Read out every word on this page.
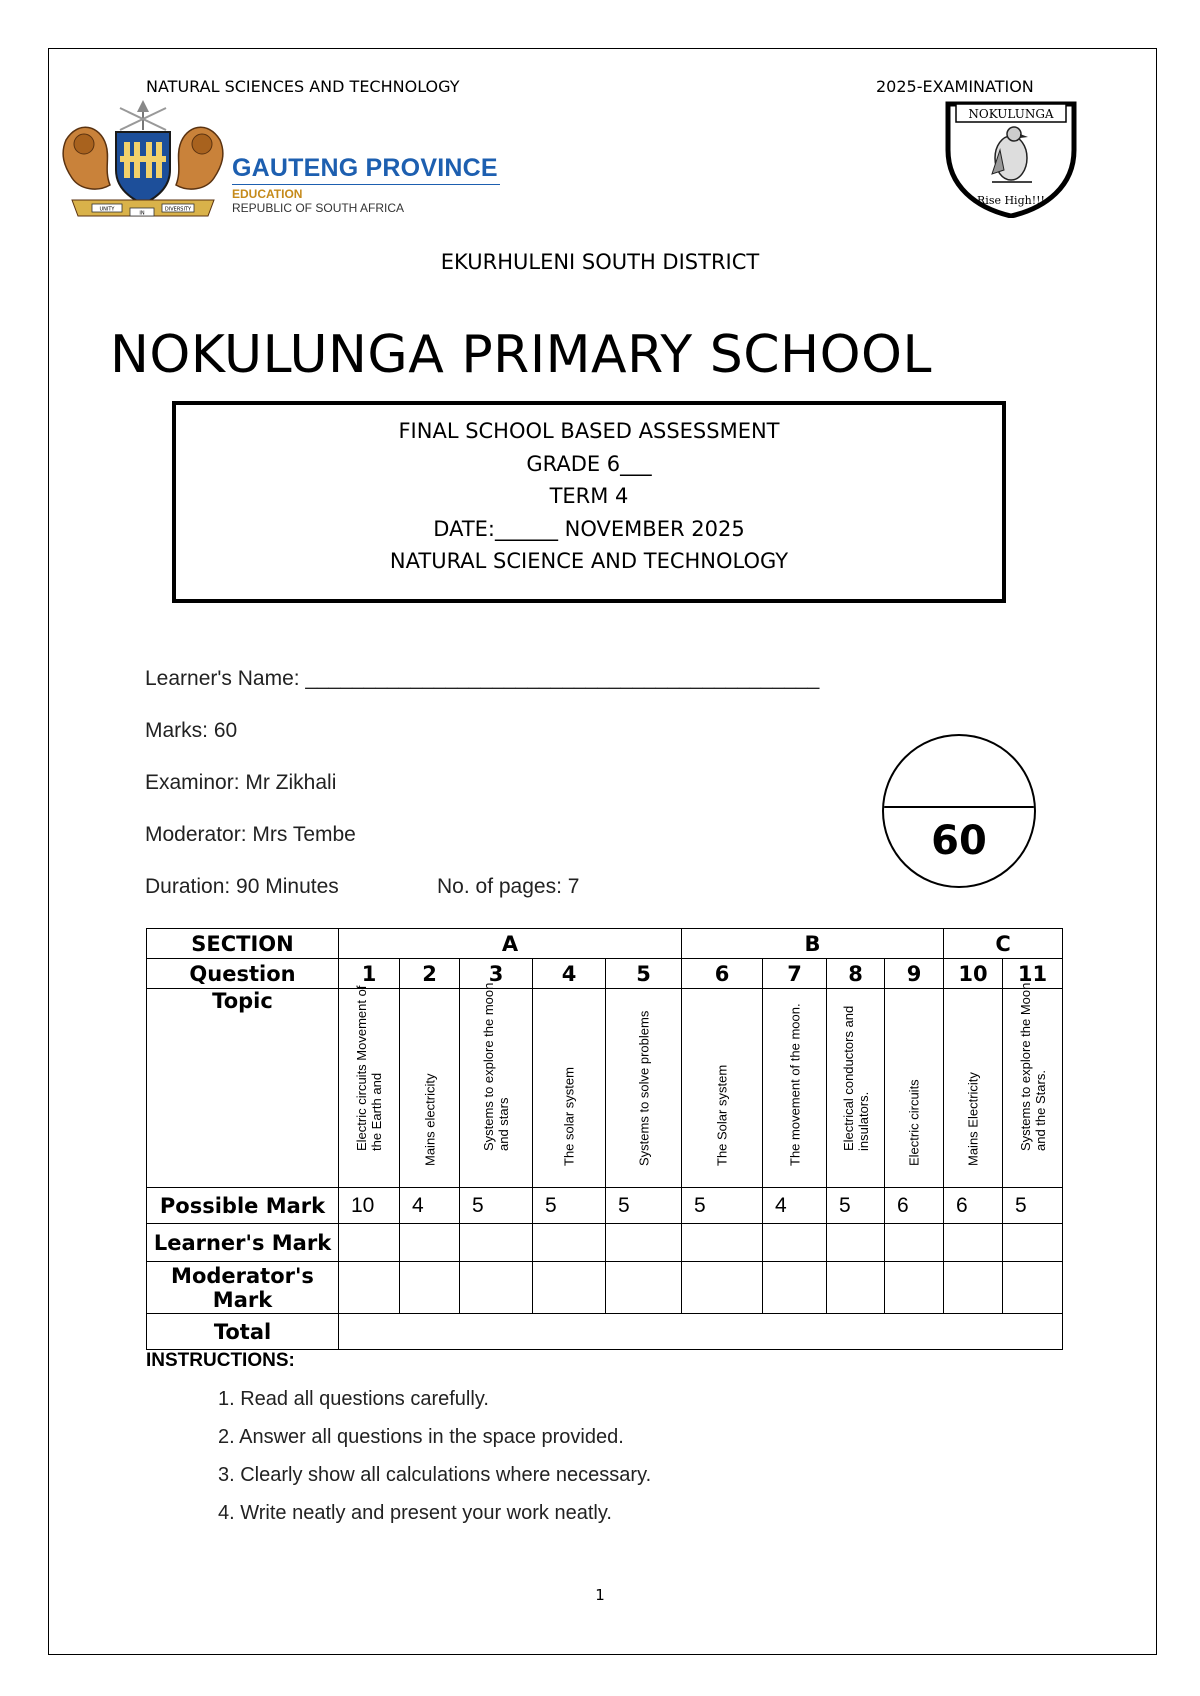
NATURAL SCIENCES AND TECHNOLOGY	2025-EXAMINATION
UNITY
IN
DIVERSITY
GAUTENG PROVINCE
EDUCATION
REPUBLIC OF SOUTH AFRICA
NOKULUNGA
Rise High!!!
EKURHULENI SOUTH DISTRICT
NOKULUNGA PRIMARY SCHOOL
FINAL SCHOOL BASED ASSESSMENT
GRADE 6___
TERM 4
DATE:______ NOVEMBER 2025
NATURAL SCIENCE AND TECHNOLOGY
Learner's Name: ____________________________________________
Marks: 60
Examinor: Mr Zikhali
Moderator: Mrs Tembe
Duration: 90 Minutes	No. of pages: 7
60
SECTION	A					B				C	
Question	1	2	3	4	5	6	7	8	9	10	11
Topic	Electric circuits Movement of the Earth and	Mains electricity	Systems to explore the moon and stars	The solar system	Systems to solve problems	The Solar system	The movement of the moon.	Electrical conductors and insulators.	Electric circuits	Mains Electricity	Systems to explore the Moon and the Stars.

Possible Mark	10	4	5	5	5	5	4	5	6	6	5
Learner's Mark											

Moderator's
Mark											

Total											
INSTRUCTIONS:
1. Read all questions carefully.
2. Answer all questions in the space provided.
3. Clearly show all calculations where necessary.
4. Write neatly and present your work neatly.
1
